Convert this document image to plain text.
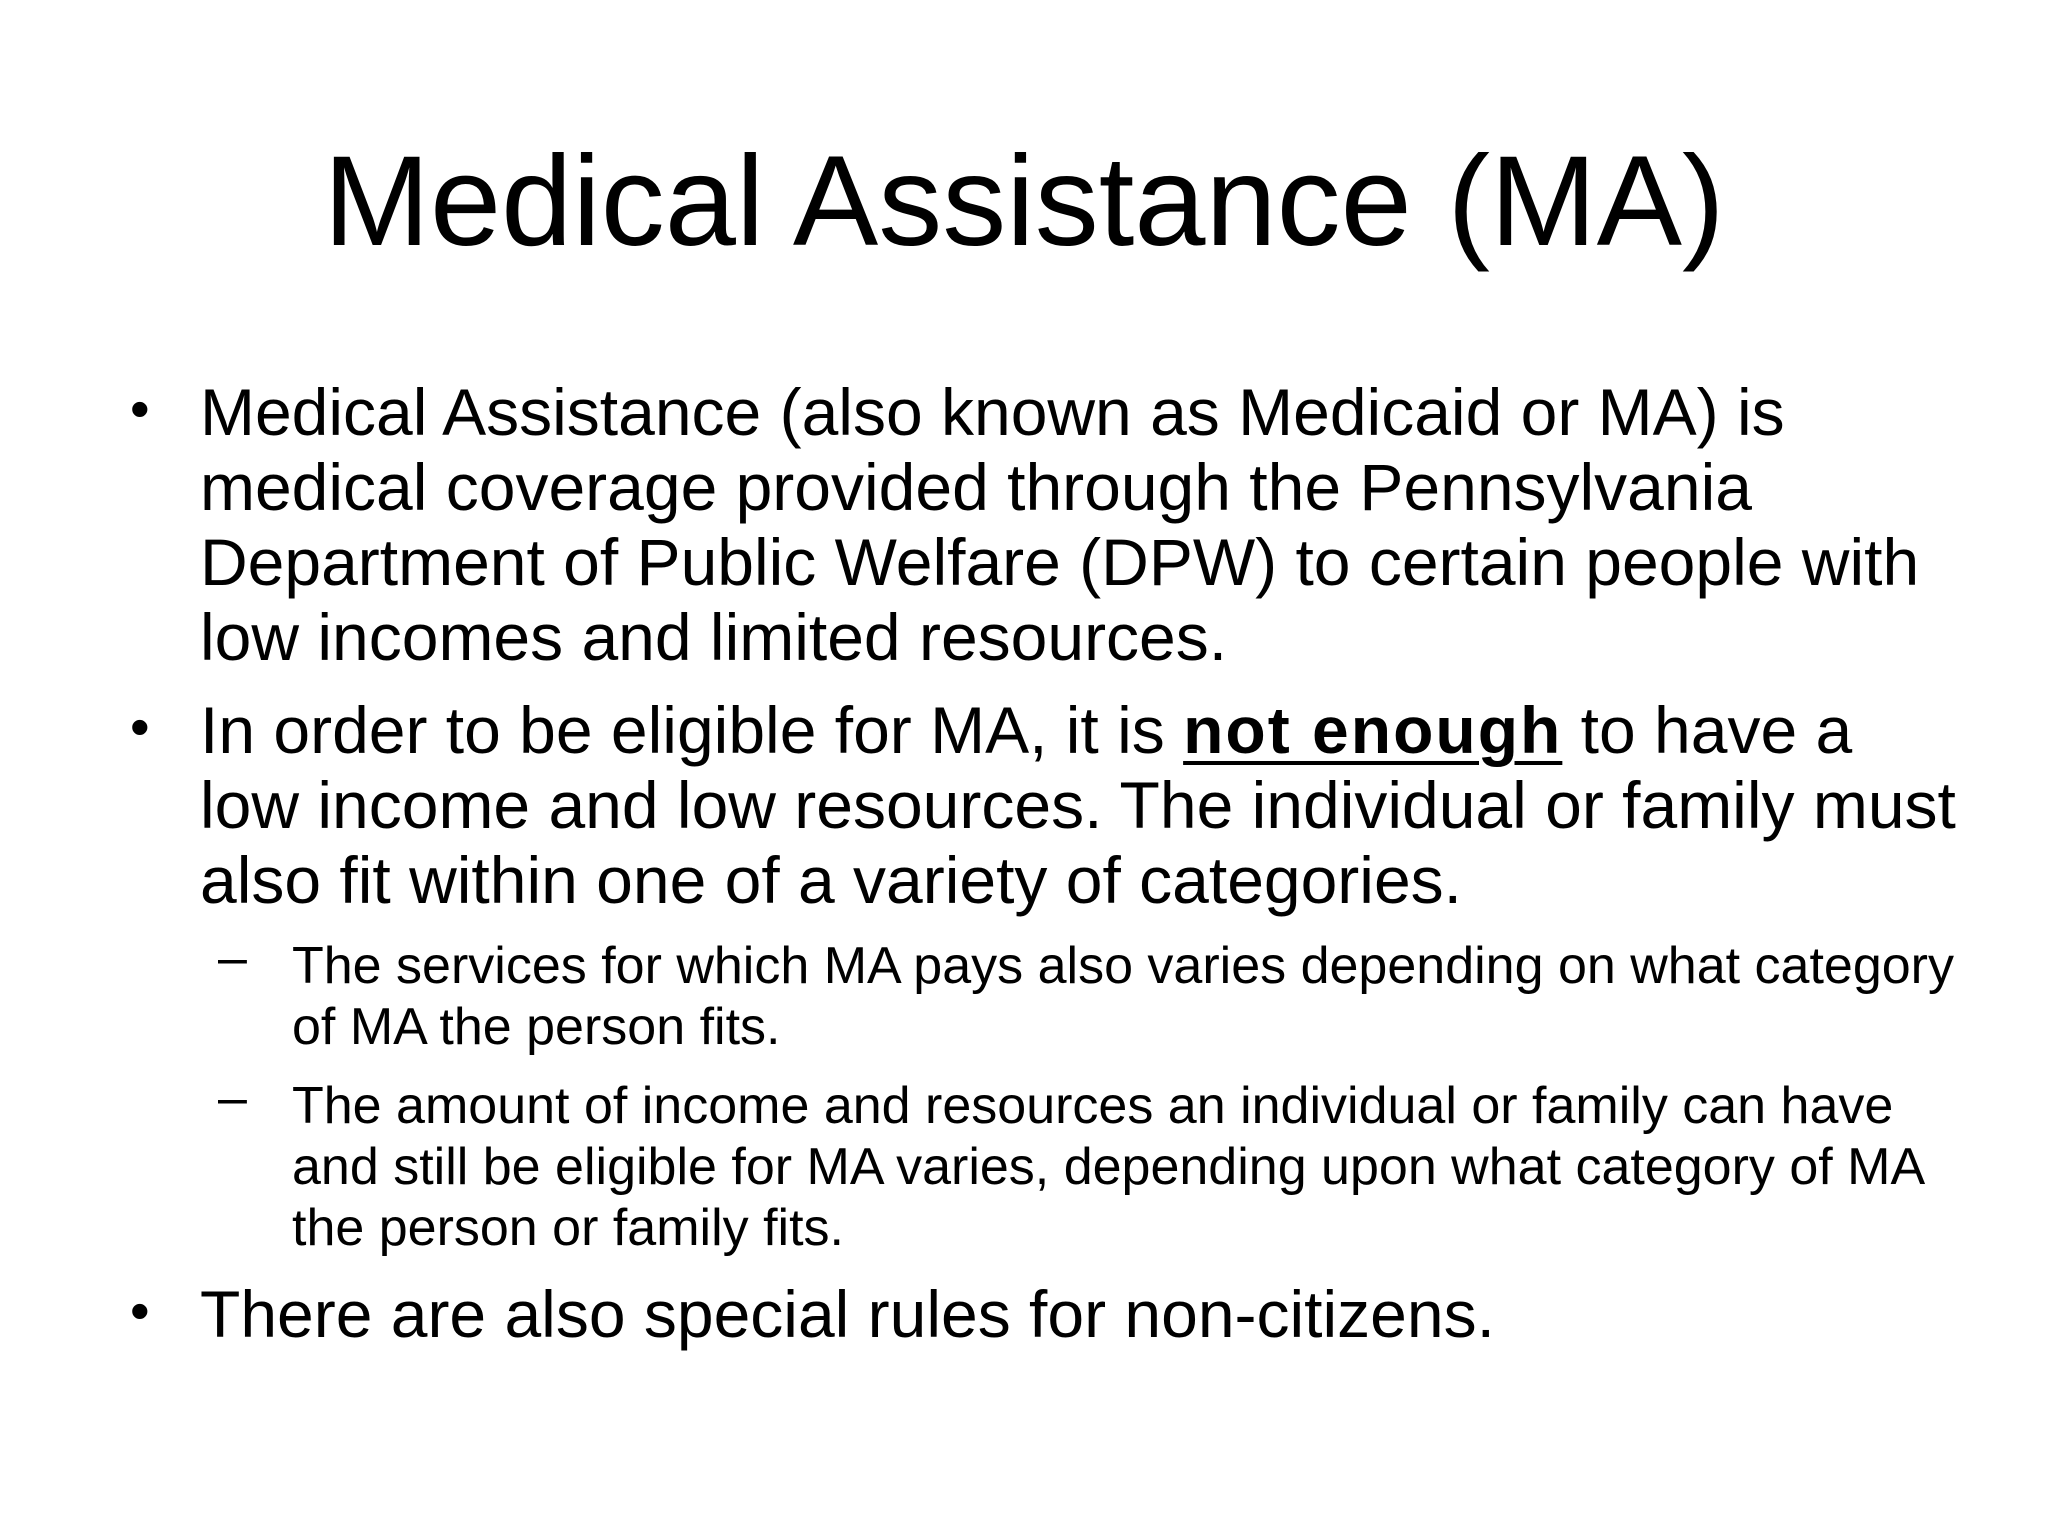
Medical Assistance (MA)

• Medical Assistance (also known as Medicaid or MA) is medical coverage provided through the Pennsylvania Department of Public Welfare (DPW) to certain people with low incomes and limited resources.

• In order to be eligible for MA, it is not enough to have a low income and low resources. The individual or family must also fit within one of a variety of categories.

– The services for which MA pays also varies depending on what category of MA the person fits.

– The amount of income and resources an individual or family can have and still be eligible for MA varies, depending upon what category of MA the person or family fits.

• There are also special rules for non-citizens.
